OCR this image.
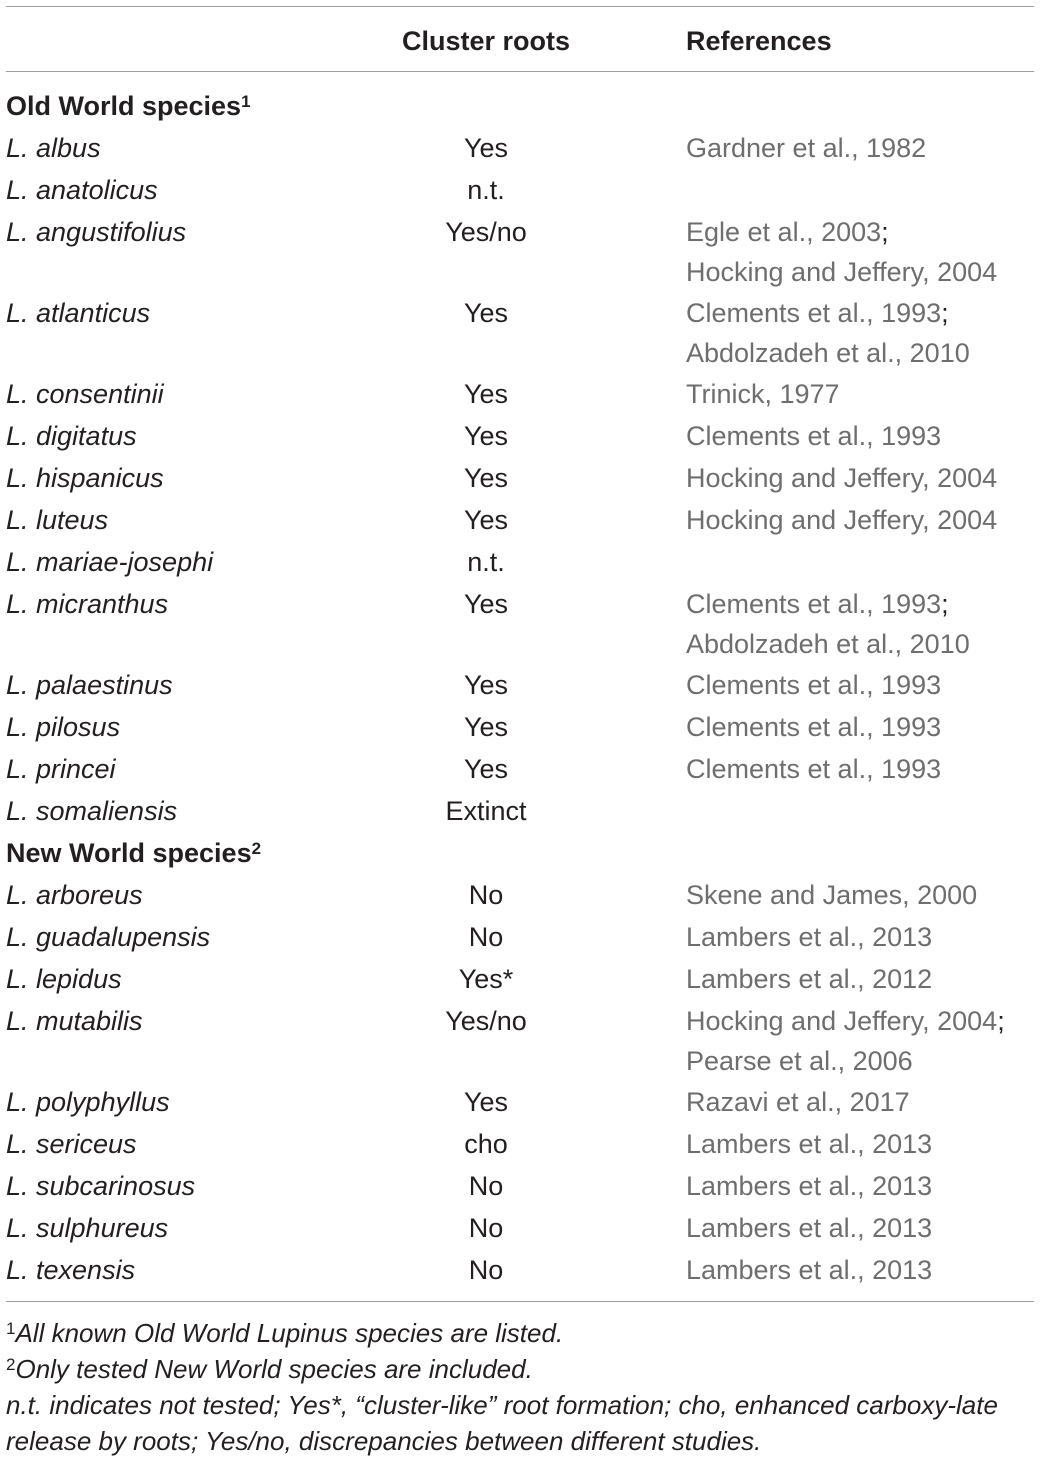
Cluster roots	References
Old World species$^1$
L. albus	Yes	Gardner et al., 1982
L. anatolicus	n.t.
L. angustifolius	Yes/no	Egle et al., 2003;
Hocking and Jeffery, 2004
L. atlanticus	Yes	Clements et al., 1993;
Abdolzadeh et al., 2010
L. consentinii	Yes	Trinick, 1977
L. digitatus	Yes	Clements et al., 1993
L. hispanicus	Yes	Hocking and Jeffery, 2004
L. luteus	Yes	Hocking and Jeffery, 2004
L. mariae-josephi	n.t.
L. micranthus	Yes	Clements et al., 1993;
Abdolzadeh et al., 2010
L. palaestinus	Yes	Clements et al., 1993
L. pilosus	Yes	Clements et al., 1993
L. princei	Yes	Clements et al., 1993
L. somaliensis	Extinct
New World species$^2$
L. arboreus	No	Skene and James, 2000
L. guadalupensis	No	Lambers et al., 2013
L. lepidus	Yes*	Lambers et al., 2012
L. mutabilis	Yes/no	Hocking and Jeffery, 2004;
Pearse et al., 2006
L. polyphyllus	Yes	Razavi et al., 2017
L. sericeus	cho	Lambers et al., 2013
L. subcarinosus	No	Lambers et al., 2013
L. sulphureus	No	Lambers et al., 2013
L. texensis	No	Lambers et al., 2013
$^1$All known Old World Lupinus species are listed.
$^2$Only tested New World species are included.
n.t. indicates not tested; Yes*, “cluster-like” root formation; cho, enhanced carboxy-late release by roots; Yes/no, discrepancies between different studies.
